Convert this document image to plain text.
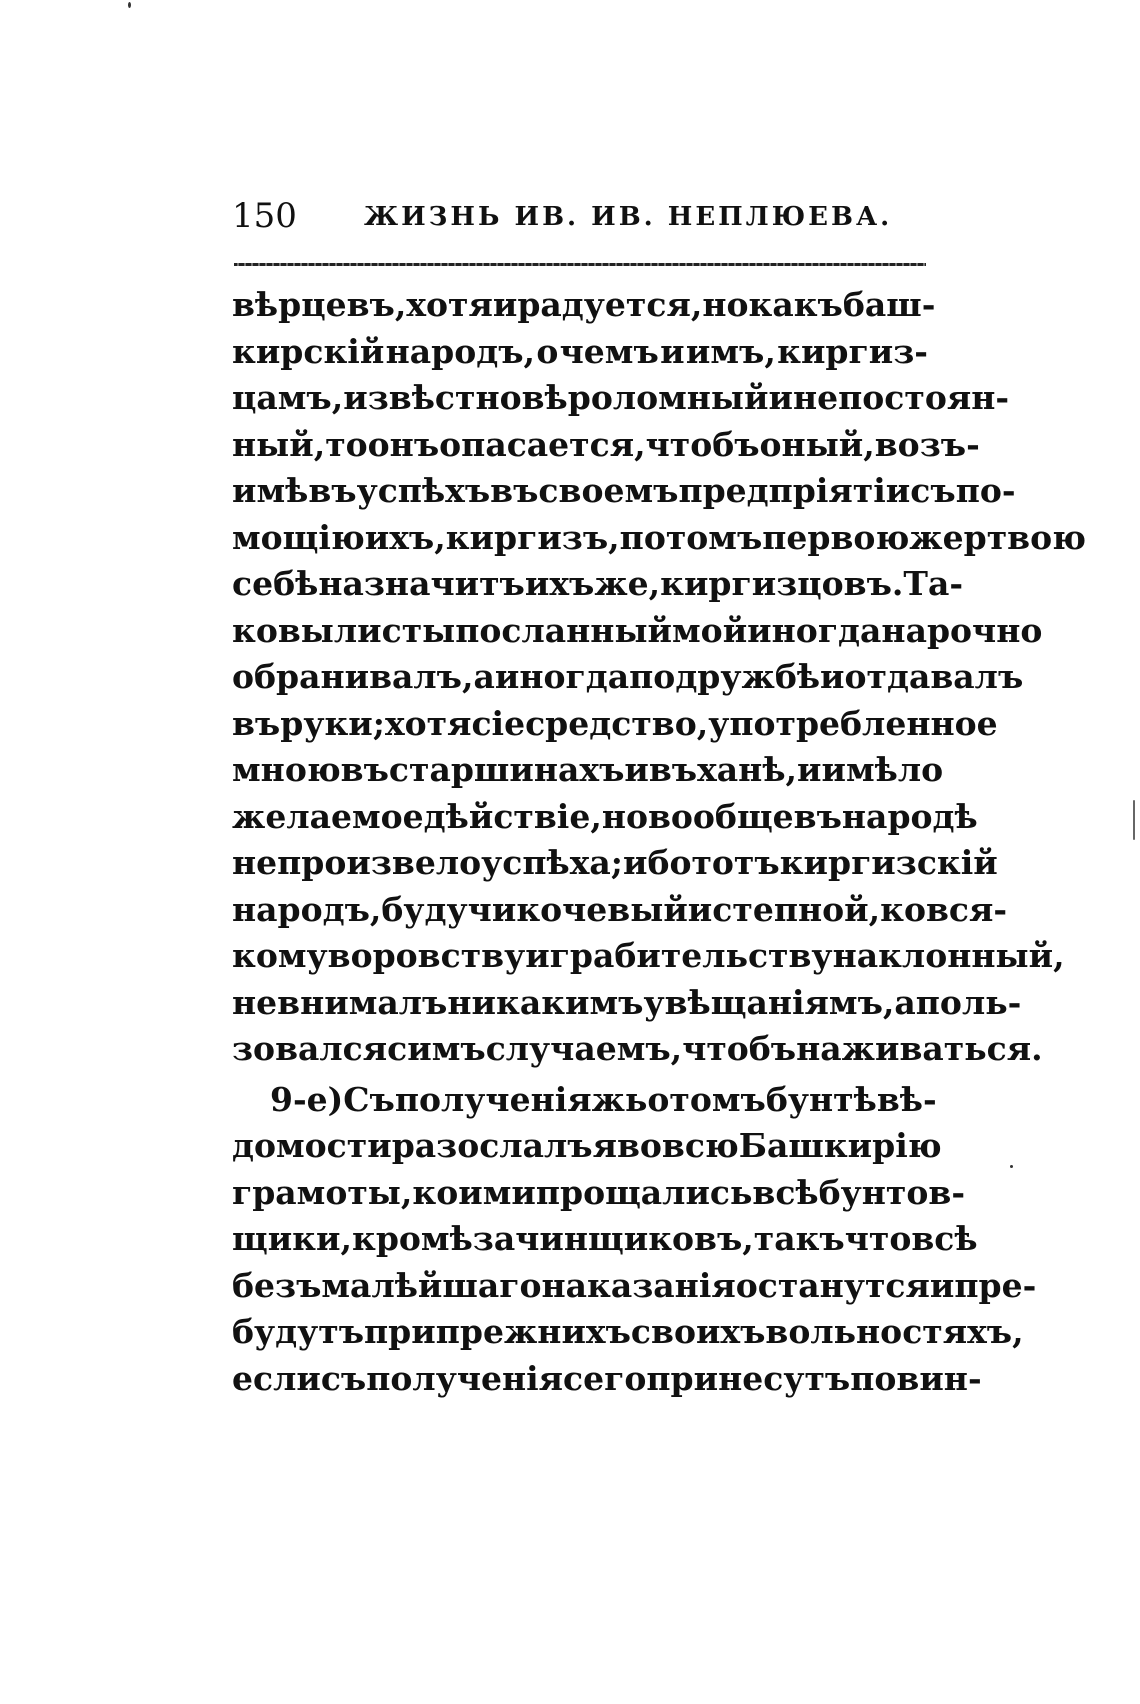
150	ЖИЗНЬ ИВ. ИВ. НЕПЛЮЕВА.
вѣрцевъ, хотя и радуется, но какъ баш-
кирскій народъ, о чемъ и имъ, киргиз-
цамъ, извѣстно вѣроломный и непостоян-
ный, то онъ опасается, чтобъ оный, возъ-
имѣвъ успѣхъ въ своемъ предпріятіи съ по-
мощію ихъ, киргизъ, потомъ первою жертвою
себѣ назначитъ ихъ же, киргизцовъ. Та-
ковы листы посланный мой иногда нарочно
обранивалъ, а иногда по дружбѣ и отдавалъ
въ руки; хотя сіе средство, употребленное
мною въ старшинахъ и въ ханѣ, и имѣло
желаемое дѣйствіе, но вообще въ народѣ
не произвело успѣха; ибо тотъ киргизскій
народъ, будучи кочевый и степной, ко вся-
кому воровству и грабительству наклонный,
не внималъ никакимъ увѣщаніямъ, а поль-
зовался симъ случаемъ, чтобъ наживаться.
9-е) Съ полученія жь о томъ бунтѣ вѣ-
домости разослалъ я во всю Башкирію
грамоты, коими прощались всѣ бунтов-
щики, кромѣ зачинщиковъ, такъ что всѣ
безъ малѣйшаго наказанія останутся и пре-
будутъ при прежнихъ своихъ вольностяхъ,
если съ полученія сего принесутъ повин-
